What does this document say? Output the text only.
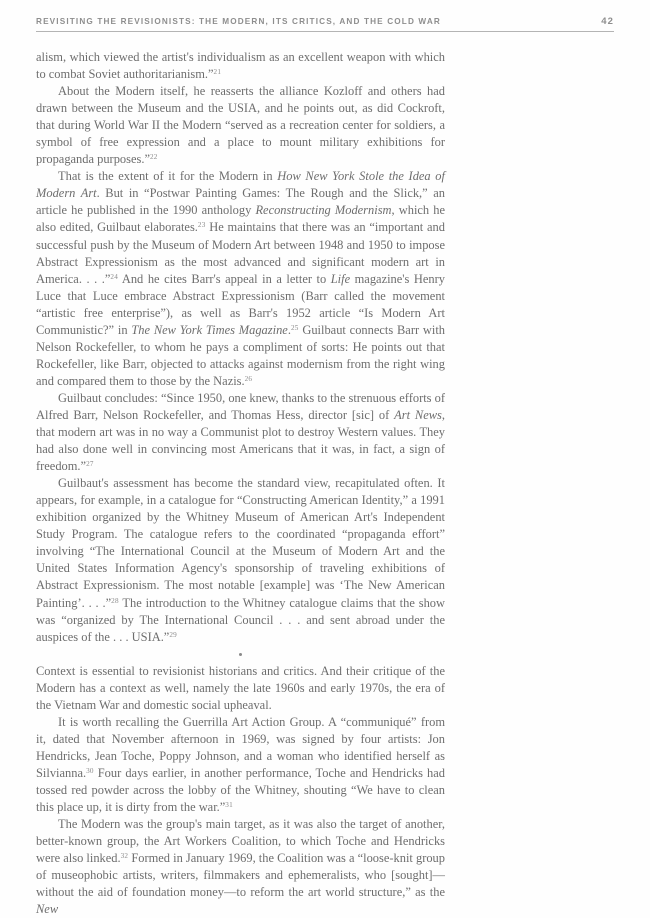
REVISITING THE REVISIONISTS: THE MODERN, ITS CRITICS, AND THE COLD WAR	42

alism, which viewed the artist's individualism as an excellent weapon with which to combat Soviet authoritarianism.”$^{21}$

About the Modern itself, he reasserts the alliance Kozloff and others had drawn between the Museum and the USIA, and he points out, as did Cockroft, that during World War II the Modern “served as a recreation center for soldiers, a symbol of free expression and a place to mount military exhibitions for propaganda purposes.”$^{22}$

That is the extent of it for the Modern in How New York Stole the Idea of Modern Art. But in “Postwar Painting Games: The Rough and the Slick,” an article he published in the 1990 anthology Reconstructing Modernism, which he also edited, Guilbaut elaborates.$^{23}$ He maintains that there was an “important and successful push by the Museum of Modern Art between 1948 and 1950 to impose Abstract Expressionism as the most advanced and significant modern art in America. . . .”$^{24}$ And he cites Barr's appeal in a letter to Life magazine's Henry Luce that Luce embrace Abstract Expressionism (Barr called the movement “artistic free enterprise”), as well as Barr's 1952 article “Is Modern Art Communistic?” in The New York Times Magazine.$^{25}$ Guilbaut connects Barr with Nelson Rockefeller, to whom he pays a compliment of sorts: He points out that Rockefeller, like Barr, objected to attacks against modernism from the right wing and compared them to those by the Nazis.$^{26}$

Guilbaut concludes: “Since 1950, one knew, thanks to the strenuous efforts of Alfred Barr, Nelson Rockefeller, and Thomas Hess, director [sic] of Art News, that modern art was in no way a Communist plot to destroy Western values. They had also done well in convincing most Americans that it was, in fact, a sign of freedom.”$^{27}$

Guilbaut's assessment has become the standard view, recapitulated often. It appears, for example, in a catalogue for “Constructing American Identity,” a 1991 exhibition organized by the Whitney Museum of American Art's Independent Study Program. The catalogue refers to the coordinated “propaganda effort” involving “The International Council at the Museum of Modern Art and the United States Information Agency's sponsorship of traveling exhibitions of Abstract Expressionism. The most notable [example] was ‘The New American Painting’. . . .”$^{28}$ The introduction to the Whitney catalogue claims that the show was “organized by The International Council . . . and sent abroad under the auspices of the . . . USIA.”$^{29}$

Context is essential to revisionist historians and critics. And their critique of the Modern has a context as well, namely the late 1960s and early 1970s, the era of the Vietnam War and domestic social upheaval.

It is worth recalling the Guerrilla Art Action Group. A “communiqué” from it, dated that November afternoon in 1969, was signed by four artists: Jon Hendricks, Jean Toche, Poppy Johnson, and a woman who identified herself as Silvianna.$^{30}$ Four days earlier, in another performance, Toche and Hendricks had tossed red powder across the lobby of the Whitney, shouting “We have to clean this place up, it is dirty from the war.”$^{31}$

The Modern was the group's main target, as it was also the target of another, better-known group, the Art Workers Coalition, to which Toche and Hendricks were also linked.$^{32}$ Formed in January 1969, the Coalition was a “loose-knit group of museophobic artists, writers, filmmakers and ephemeralists, who [sought]—without the aid of foundation money—to reform the art world structure,” as the New
